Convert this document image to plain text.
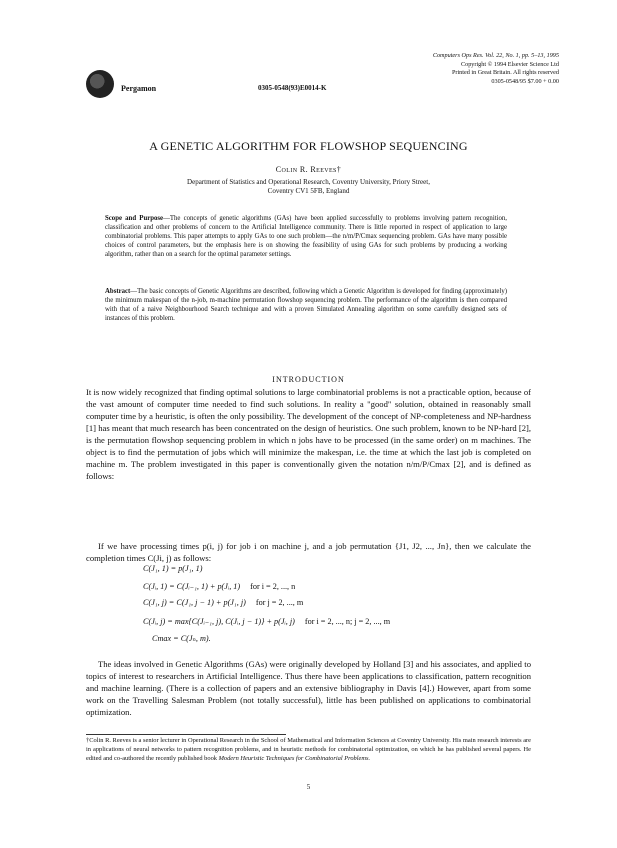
Pergamon	0305-0548(93)E0014-K
Computers Ops Res. Vol. 22, No. 1, pp. 5–13, 1995
Copyright © 1994 Elsevier Science Ltd
Printed in Great Britain. All rights reserved
0305-0548/95 $7.00 + 0.00
A GENETIC ALGORITHM FOR FLOWSHOP SEQUENCING
Colin R. Reeves†
Department of Statistics and Operational Research, Coventry University, Priory Street,
Coventry CV1 5FB, England
Scope and Purpose—The concepts of genetic algorithms (GAs) have been applied successfully to problems involving pattern recognition, classification and other problems of concern to the Artificial Intelligence community. There is little reported in respect of application to large combinatorial problems. This paper attempts to apply GAs to one such problem—the n/m/P/Cmax sequencing problem. GAs have many possible choices of control parameters, but the emphasis here is on showing the feasibility of using GAs for such problems by producing a working algorithm, rather than on a search for the optimal parameter settings.
Abstract—The basic concepts of Genetic Algorithms are described, following which a Genetic Algorithm is developed for finding (approximately) the minimum makespan of the n-job, m-machine permutation flowshop sequencing problem. The performance of the algorithm is then compared with that of a naive Neighbourhood Search technique and with a proven Simulated Annealing algorithm on some carefully designed sets of instances of this problem.
INTRODUCTION
It is now widely recognized that finding optimal solutions to large combinatorial problems is not a practicable option, because of the vast amount of computer time needed to find such solutions. In reality a "good" solution, obtained in reasonably small computer time by a heuristic, is often the only possibility. The development of the concept of NP-completeness and NP-hardness [1] has meant that much research has been concentrated on the design of heuristics. One such problem, known to be NP-hard [2], is the permutation flowshop sequencing problem in which n jobs have to be processed (in the same order) on m machines. The object is to find the permutation of jobs which will minimize the makespan, i.e. the time at which the last job is completed on machine m. The problem investigated in this paper is conventionally given the notation n/m/P/Cmax [2], and is defined as follows:
If we have processing times p(i, j) for job i on machine j, and a job permutation {J1, J2, ..., Jn}, then we calculate the completion times C(Ji, j) as follows:
C(J₁, 1) = p(J₁, 1)
C(Jᵢ, 1) = C(Jᵢ₋₁, 1) + p(Jᵢ, 1) for i = 2, ..., n
C(J₁, j) = C(J₁, j − 1) + p(J₁, j) for j = 2, ..., m
C(Jᵢ, j) = max{C(Jᵢ₋₁, j), C(Jᵢ, j − 1)} + p(Jᵢ, j) for i = 2, ..., n; j = 2, ..., m
Cmax = C(Jₙ, m).
The ideas involved in Genetic Algorithms (GAs) were originally developed by Holland [3] and his associates, and applied to topics of interest to researchers in Artificial Intelligence. Thus there have been applications to classification, pattern recognition and machine learning. (There is a collection of papers and an extensive bibliography in Davis [4].) However, apart from some work on the Travelling Salesman Problem (not totally successful), little has been published on applications to combinatorial optimization.
†Colin R. Reeves is a senior lecturer in Operational Research in the School of Mathematical and Information Sciences at Coventry University. His main research interests are in applications of neural networks to pattern recognition problems, and in heuristic methods for combinatorial optimization, on which he has published several papers. He edited and co-authored the recently published book Modern Heuristic Techniques for Combinatorial Problems.
5
